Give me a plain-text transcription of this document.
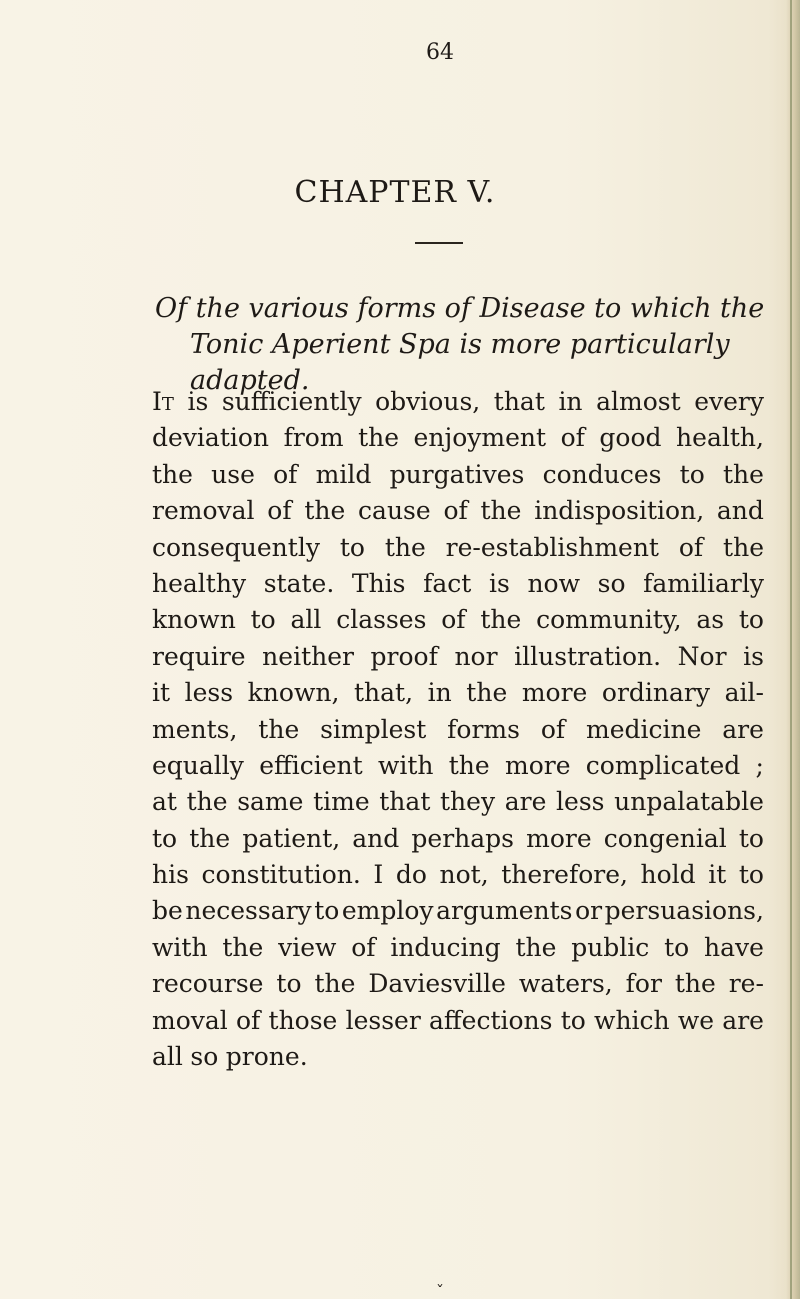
64
CHAPTER V.
Of the various forms of Disease to which the
Tonic Aperient Spa is more particularly
adapted.
It is sufficiently obvious, that in almost every
deviation from the enjoyment of good health,
the use of mild purgatives conduces to the
removal of the cause of the indisposition, and
consequently to the re-establishment of the
healthy state. This fact is now so familiarly
known to all classes of the community, as to
require neither proof nor illustration. Nor is
it less known, that, in the more ordinary ail-
ments, the simplest forms of medicine are
equally efficient with the more complicated ;
at the same time that they are less unpalatable
to the patient, and perhaps more congenial to
his constitution. I do not, therefore, hold it to
be necessary to employ arguments or persuasions,
with the view of inducing the public to have
recourse to the Daviesville waters, for the re-
moval of those lesser affections to which we are
all so prone.
˯
